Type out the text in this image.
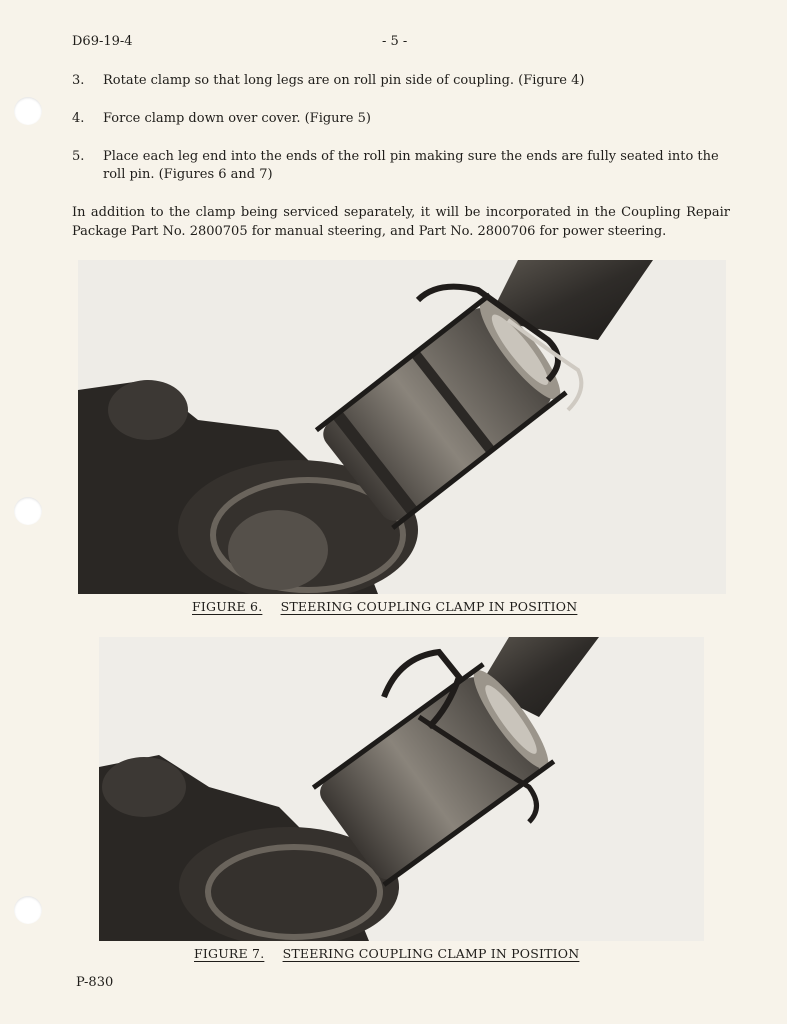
D69-19-4	- 5 -
3.	Rotate clamp so that long legs are on roll pin side of coupling. (Figure 4)
4.	Force clamp down over cover. (Figure 5)
5.	Place each leg end into the ends of the roll pin making sure the ends are fully seated into the roll pin. (Figures 6 and 7)
In addition to the clamp being serviced separately, it will be incorporated in the Coupling Repair Package Part No. 2800705 for manual steering, and Part No. 2800706 for power steering.
FIGURE 6. STEERING COUPLING CLAMP IN POSITION
FIGURE 7. STEERING COUPLING CLAMP IN POSITION
P-830
